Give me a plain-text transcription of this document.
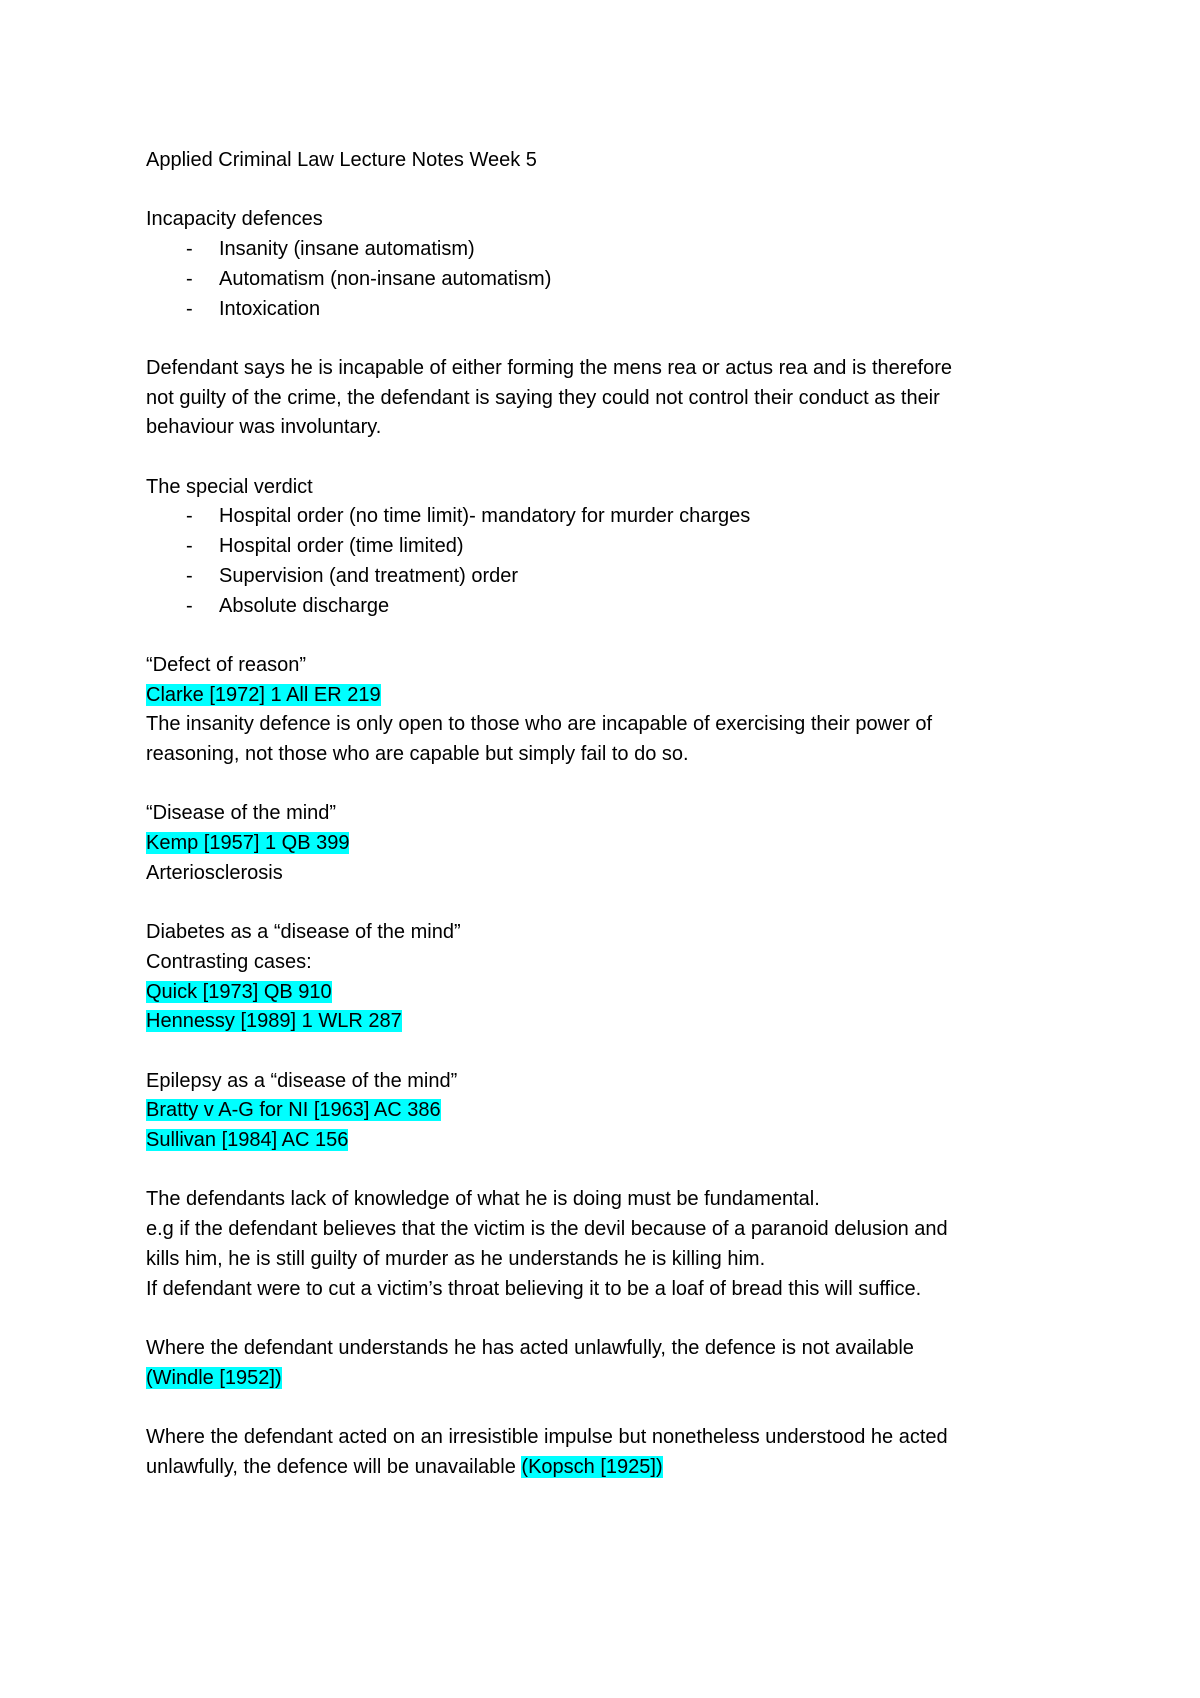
Applied Criminal Law Lecture Notes Week 5

Incapacity defences

- Insanity (insane automatism)
- Automatism (non-insane automatism)
- Intoxication

Defendant says he is incapable of either forming the mens rea or actus rea and is therefore

not guilty of the crime, the defendant is saying they could not control their conduct as their

behaviour was involuntary.

The special verdict

- Hospital order (no time limit)- mandatory for murder charges
- Hospital order (time limited)
- Supervision (and treatment) order
- Absolute discharge

“Defect of reason”

Clarke [1972] 1 All ER 219

The insanity defence is only open to those who are incapable of exercising their power of

reasoning, not those who are capable but simply fail to do so.

“Disease of the mind”

Kemp [1957] 1 QB 399

Arteriosclerosis

Diabetes as a “disease of the mind”

Contrasting cases:

Quick [1973] QB 910

Hennessy [1989] 1 WLR 287

Epilepsy as a “disease of the mind”

Bratty v A-G for NI [1963] AC 386

Sullivan [1984] AC 156

The defendants lack of knowledge of what he is doing must be fundamental.

e.g if the defendant believes that the victim is the devil because of a paranoid delusion and

kills him, he is still guilty of murder as he understands he is killing him.

If defendant were to cut a victim’s throat believing it to be a loaf of bread this will suffice.

Where the defendant understands he has acted unlawfully, the defence is not available

(Windle [1952])

Where the defendant acted on an irresistible impulse but nonetheless understood he acted

unlawfully, the defence will be unavailable (Kopsch [1925])
